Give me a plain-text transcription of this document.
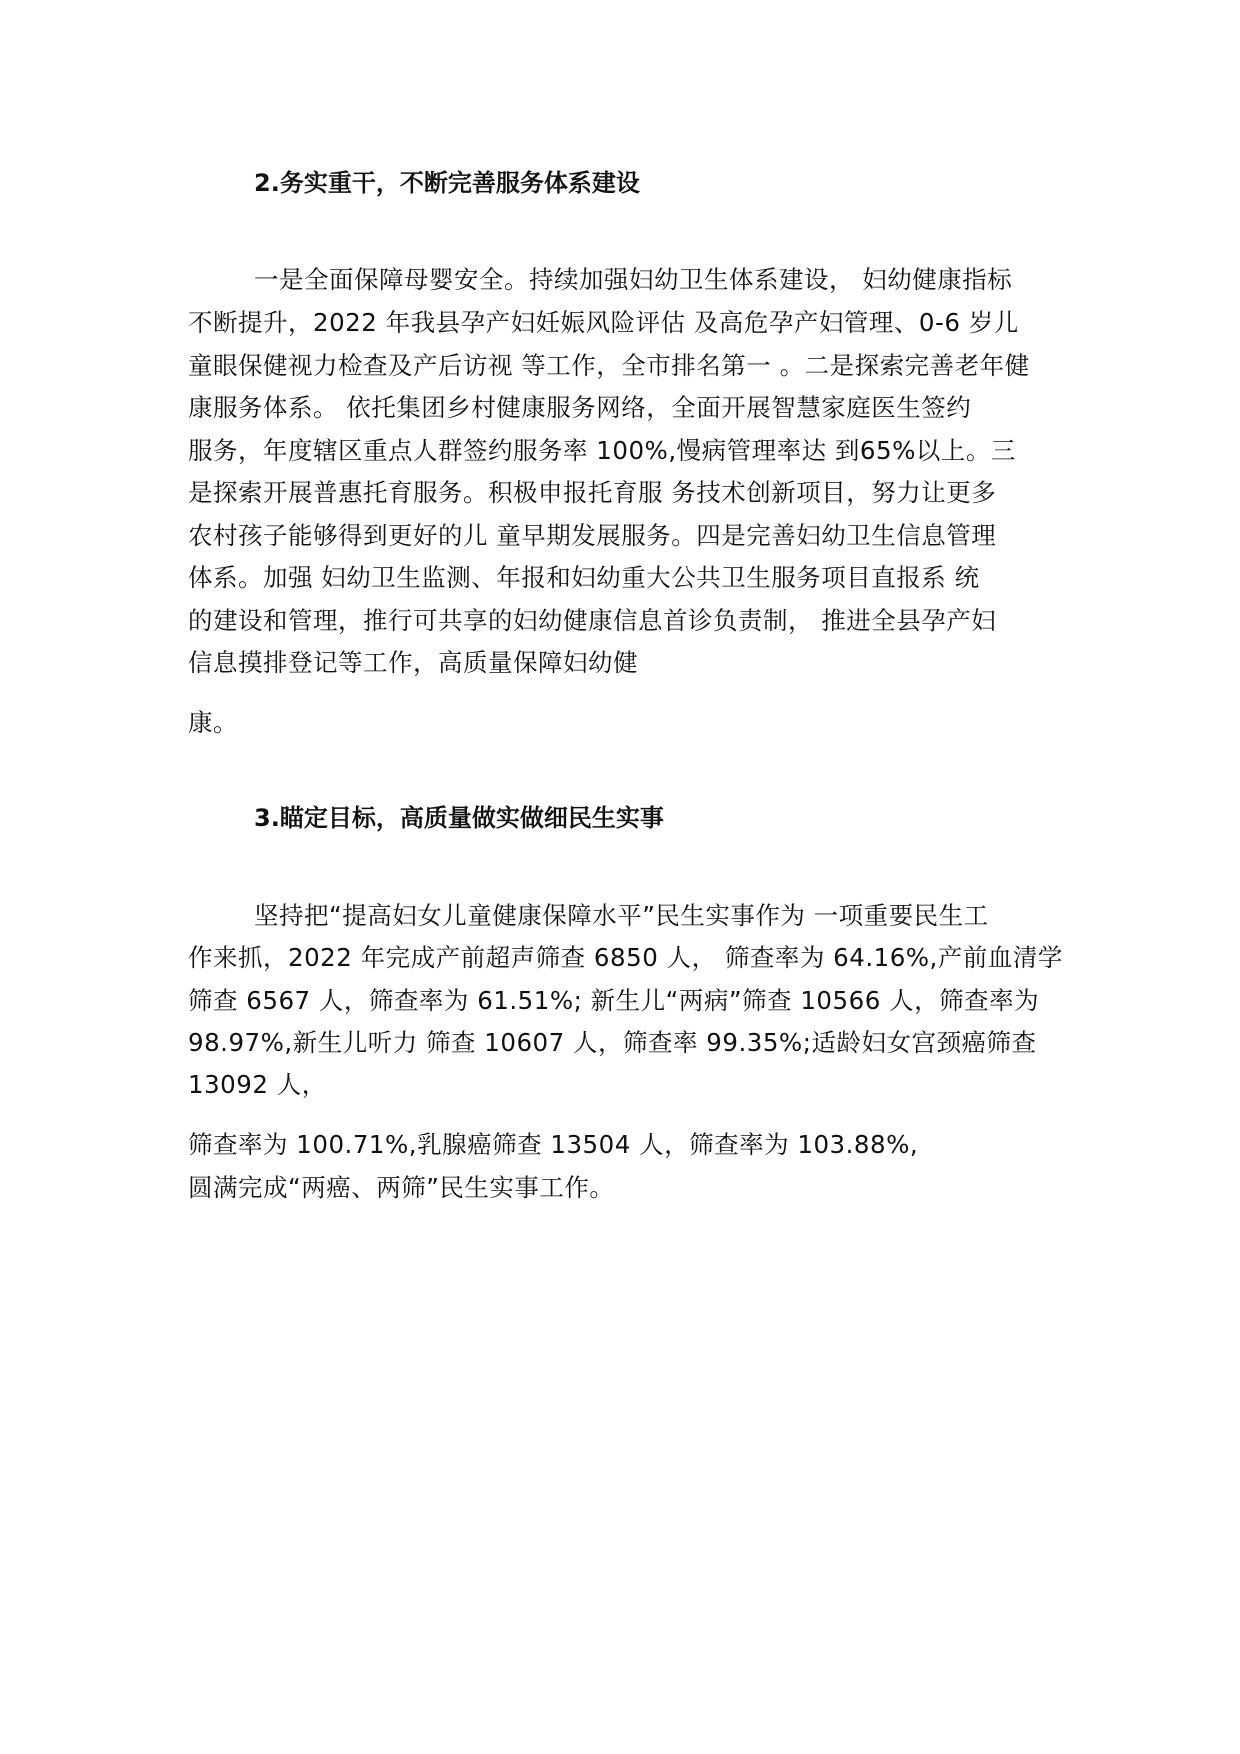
2.务实重干，不断完善服务体系建设
一是全面保障母婴安全。持续加强妇幼卫生体系建设， 妇幼健康指标
不断提升，2022 年我县孕产妇妊娠风险评估 及高危孕产妇管理、0-6 岁儿
童眼保健视力检查及产后访视 等工作，全市排名第一 。二是探索完善老年健
康服务体系。 依托集团乡村健康服务网络，全面开展智慧家庭医生签约
服务，年度辖区重点人群签约服务率 100%,慢病管理率达 到65%以上。三
是探索开展普惠托育服务。积极申报托育服 务技术创新项目，努力让更多
农村孩子能够得到更好的儿 童早期发展服务。四是完善妇幼卫生信息管理
体系。加强 妇幼卫生监测、年报和妇幼重大公共卫生服务项目直报系 统
的建设和管理，推行可共享的妇幼健康信息首诊负责制， 推进全县孕产妇
信息摸排登记等工作，高质量保障妇幼健
康。
3.瞄定目标，高质量做实做细民生实事
坚持把“提高妇女儿童健康保障水平”民生实事作为 一项重要民生工
作来抓，2022 年完成产前超声筛查 6850 人， 筛查率为 64.16%,产前血清学
筛查 6567 人，筛查率为 61.51%; 新生儿“两病”筛查 10566 人，筛查率为
98.97%,新生儿听力 筛查 10607 人，筛查率 99.35%;适龄妇女宫颈癌筛查
13092 人，
筛查率为 100.71%,乳腺癌筛查 13504 人，筛查率为 103.88%,
圆满完成“两癌、两筛”民生实事工作。
